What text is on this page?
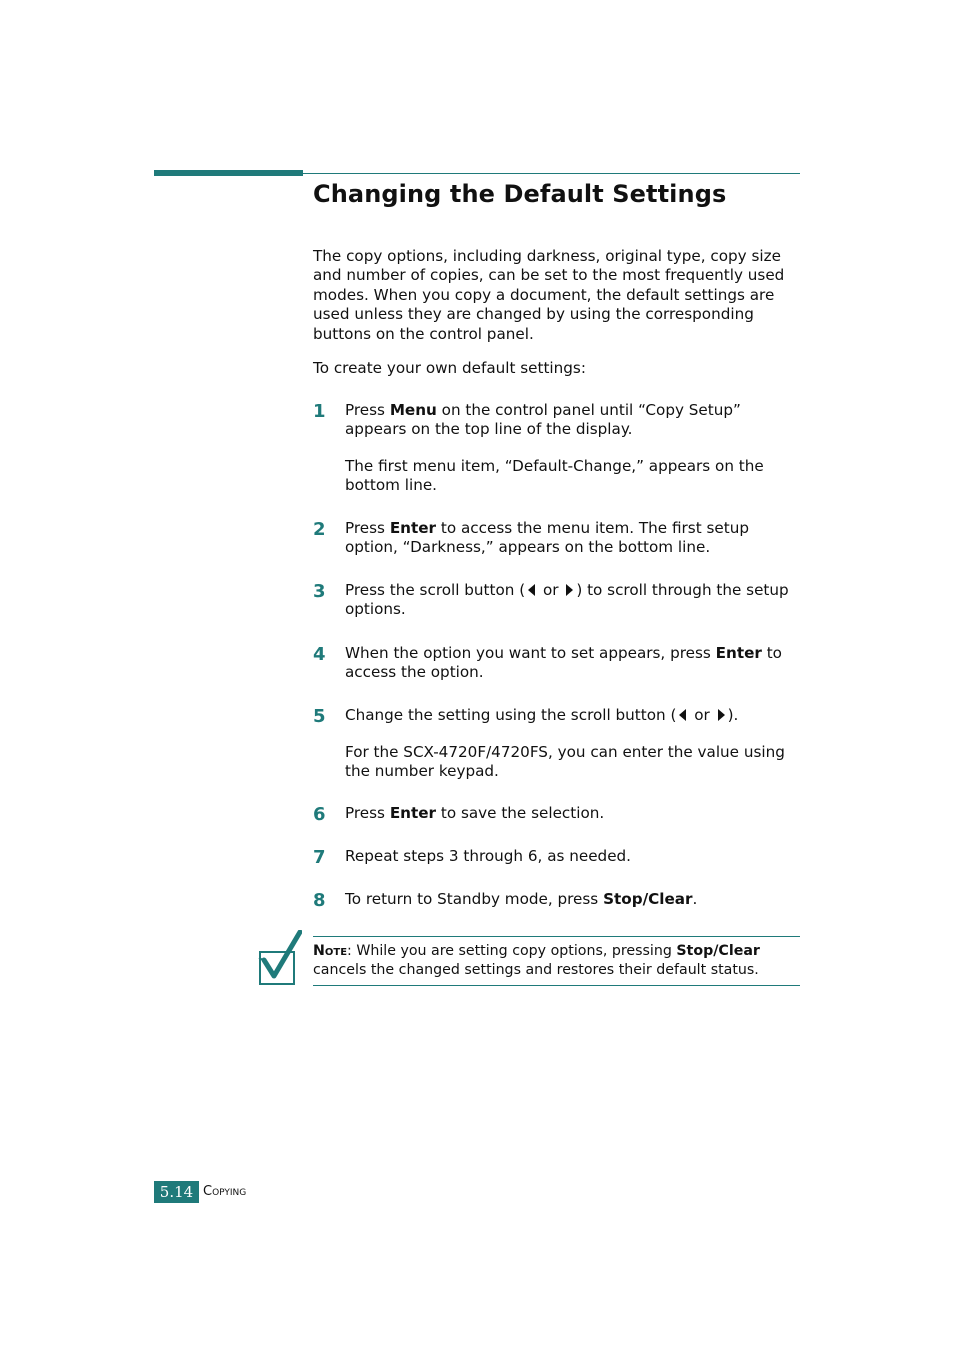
Changing the Default Settings

The copy options, including darkness, original type, copy size and number of copies, can be set to the most frequently used modes. When you copy a document, the default settings are used unless they are changed by using the corresponding buttons on the control panel.

To create your own default settings:

1 Press Menu on the control panel until “Copy Setup” appears on the top line of the display.

The first menu item, “Default-Change,” appears on the bottom line.

2 Press Enter to access the menu item. The first setup option, “Darkness,” appears on the bottom line.

3 Press the scroll button ( or ) to scroll through the setup options.

4 When the option you want to set appears, press Enter to access the option.

5 Change the setting using the scroll button ( or ).

For the SCX-4720F/4720FS, you can enter the value using the number keypad.

6 Press Enter to save the selection.

7 Repeat steps 3 through 6, as needed.

8 To return to Standby mode, press Stop/Clear.

Note: While you are setting copy options, pressing Stop/Clear cancels the changed settings and restores their default status.

5.14 Copying
